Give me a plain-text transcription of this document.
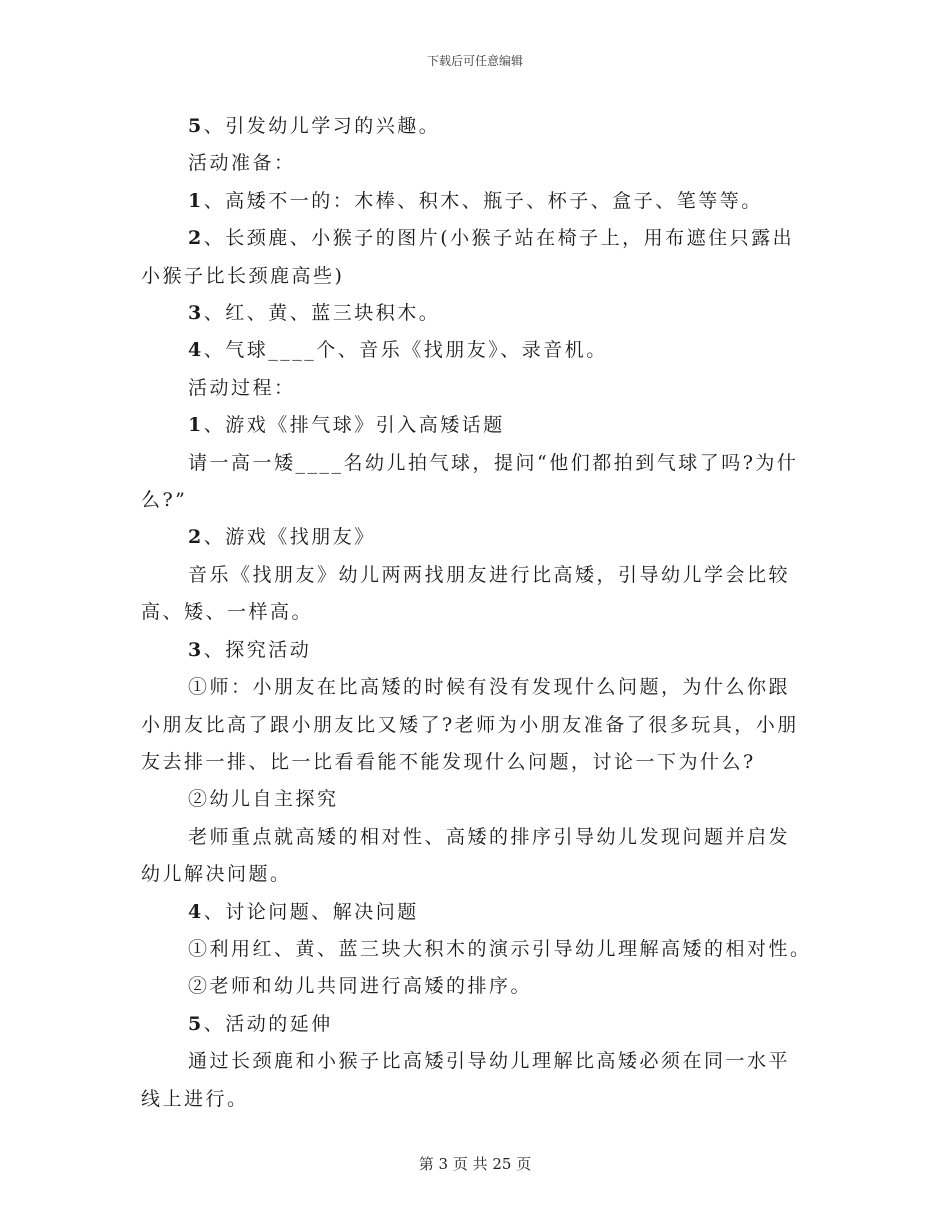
下载后可任意编辑
5、引发幼儿学习的兴趣。
活动准备：
1、高矮不一的：木棒、积木、瓶子、杯子、盒子、笔等等。
2、长颈鹿、小猴子的图片(小猴子站在椅子上，用布遮住只露出
小猴子比长颈鹿高些)
3、红、黄、蓝三块积木。
4、气球____个、音乐《找朋友》、录音机。
活动过程：
1、游戏《排气球》引入高矮话题
请一高一矮____名幼儿拍气球，提问“他们都拍到气球了吗?为什
么?”
2、游戏《找朋友》
音乐《找朋友》幼儿两两找朋友进行比高矮，引导幼儿学会比较
高、矮、一样高。
3、探究活动
①师：小朋友在比高矮的时候有没有发现什么问题，为什么你跟
小朋友比高了跟小朋友比又矮了?老师为小朋友准备了很多玩具，小朋
友去排一排、比一比看看能不能发现什么问题，讨论一下为什么?
②幼儿自主探究
老师重点就高矮的相对性、高矮的排序引导幼儿发现问题并启发
幼儿解决问题。
4、讨论问题、解决问题
①利用红、黄、蓝三块大积木的演示引导幼儿理解高矮的相对性。
②老师和幼儿共同进行高矮的排序。
5、活动的延伸
通过长颈鹿和小猴子比高矮引导幼儿理解比高矮必须在同一水平
线上进行。
第 3 页 共 25 页
